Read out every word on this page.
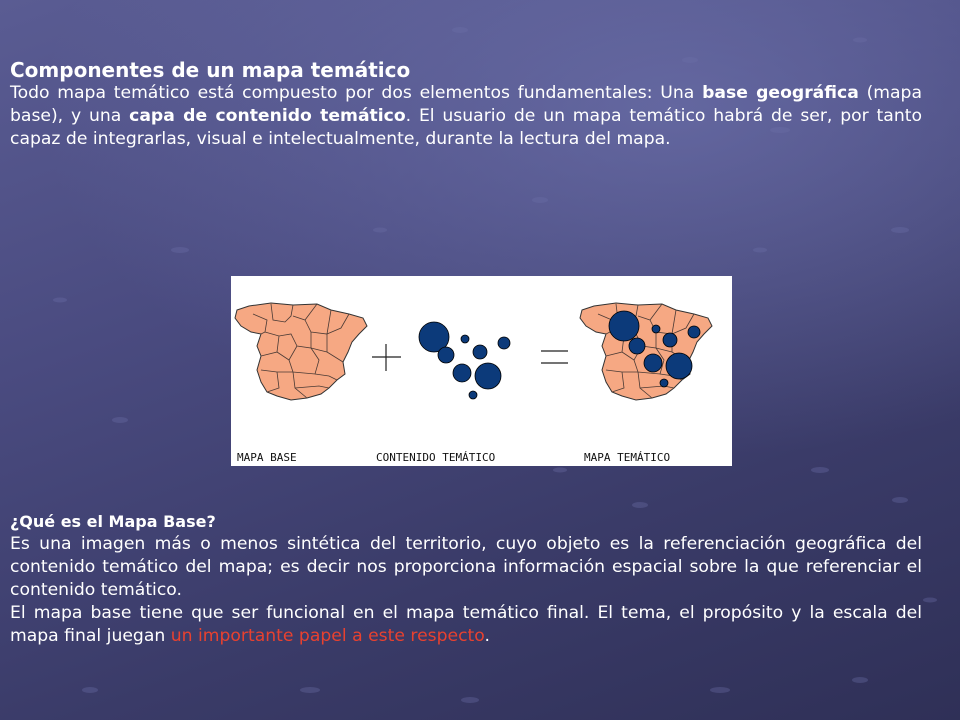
Componentes de un mapa temático

Todo mapa temático está compuesto por dos elementos fundamentales: Una base geográfica (mapa base), y una capa de contenido temático. El usuario de un mapa temático habrá de ser, por tanto capaz de integrarlas, visual e intelectualmente, durante la lectura del mapa.

MAPA BASE	CONTENIDO TEMÁTICO	MAPA TEMÁTICO

¿Qué es el Mapa Base?

Es una imagen más o menos sintética del territorio, cuyo objeto es la referenciación geográfica del contenido temático del mapa; es decir nos proporciona información espacial sobre la que referenciar el contenido temático.

El mapa base tiene que ser funcional en el mapa temático final. El tema, el propósito y la escala del mapa final juegan un importante papel a este respecto.
